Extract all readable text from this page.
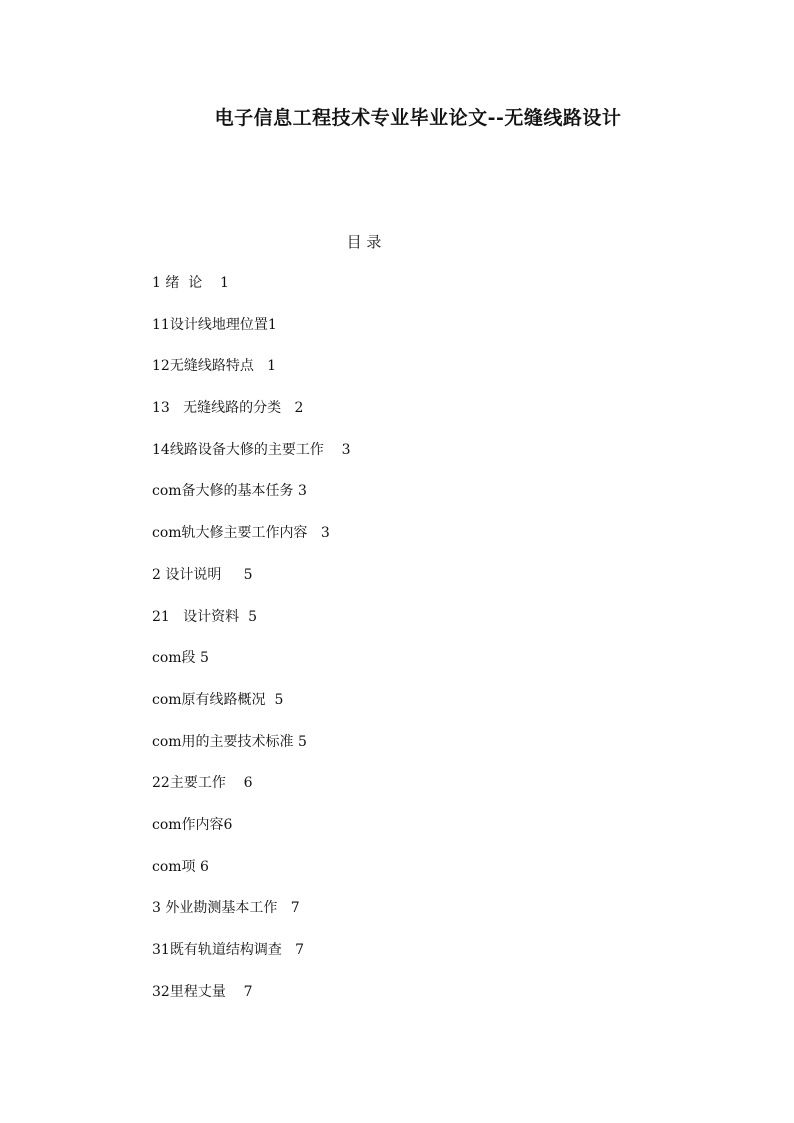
电子信息工程技术专业毕业论文--无缝线路设计
目 录
1 绪  论    1
11设计线地理位置1
12无缝线路特点   1
13   无缝线路的分类   2
14线路设备大修的主要工作    3
com备大修的基本任务 3
com轨大修主要工作内容   3
2 设计说明     5
21   设计资料  5
com段 5
com原有线路概况  5
com用的主要技术标准 5
22主要工作    6
com作内容6
com项 6
3 外业勘测基本工作   7
31既有轨道结构调查   7
32里程丈量    7
